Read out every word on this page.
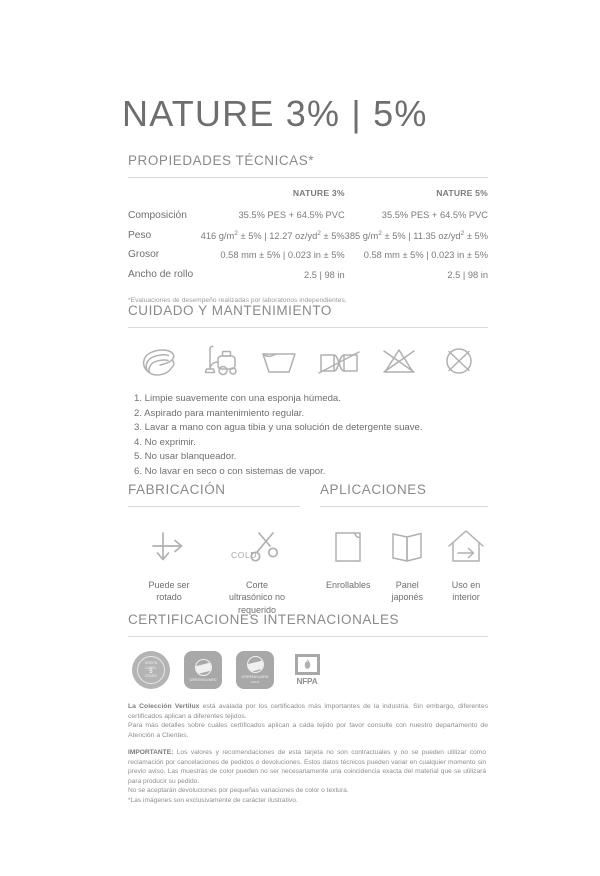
NATURE 3% | 5%
PROPIEDADES TÉCNICAS*
	NATURE 3%	NATURE 5%
Composición	35.5% PES + 64.5% PVC	35.5% PES + 64.5% PVC
Peso	416 $g/m^2 \pm 5\%$ | 12.27 $oz/yd^2 \pm 5\%$	385 $g/m^2 \pm 5\%$ | 11.35 $oz/yd^2 \pm 5\%$
Grosor	0.58 mm ± 5% | 0.023 in ± 5%	0.58 mm ± 5% | 0.023 in ± 5%
Ancho de rollo	2.5 | 98 in	2.5 | 98 in
*Evaluaciones de desempeño realizadas por laboratorios independientes.
CUIDADO Y MANTENIMIENTO
1. Limpie suavemente con una esponja húmeda.
2. Aspirado para mantenimiento regular.
3. Lavar a mano con agua tibia y una solución de detergente suave.
4. No exprimir.
5. No usar blanqueador.
6. No lavar en seco o con sistemas de vapor.
FABRICACIÓN
Puede ser rotado
COLD
Corte ultrasónico no requerido
APLICACIONES
Enrollables	Panel japonés
Uso en interior
CERTIFICACIONES INTERNACIONALES
GREEN
LABEL
5
STARS
GREENGUARD
GREENGUARD
GOLD	NFPA
La Colección Vertilux está avalada por los certificados más importantes de la industria. Sin embargo, diferentes certificados aplican a diferentes tejidos.
Para más detalles sobre cuáles certificados aplican a cada tejido por favor consulte con nuestro departamento de Atención a Clientes.

IMPORTANTE: Los valores y recomendaciones de esta tarjeta no son contractuales y no se pueden utilizar como reclamación por cancelaciones de pedidos o devoluciones. Estos datos técnicos pueden variar en cualquier momento sin previo aviso. Las muestras de color pueden no ser necesariamente una coincidencia exacta del material que se utilizará para producir su pedido.

No se aceptarán devoluciones por pequeñas variaciones de color o textura.

*Las imágenes son exclusivamente de carácter ilustrativo.
